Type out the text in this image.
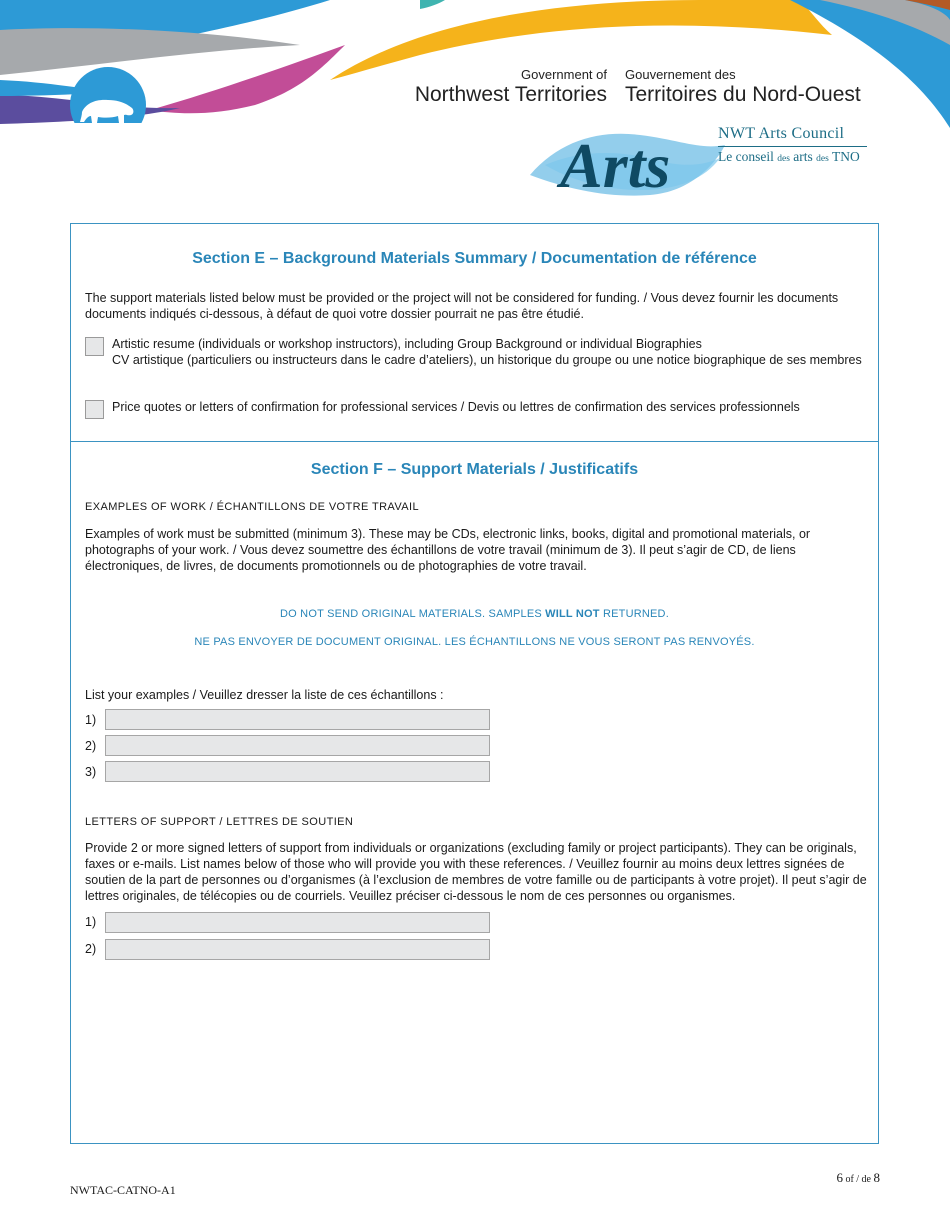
Arts
Government of
Northwest Territories
Gouvernement des
Territoires du Nord-Ouest
NWT Arts Council
Le conseil des arts des TNO
Section E – Background Materials Summary / Documentation de référence
The support materials listed below must be provided or the project will not be considered for funding. / Vous devez fournir les documents documents indiqués ci-dessous, à défaut de quoi votre dossier pourrait ne pas être étudié.
Artistic resume (individuals or workshop instructors), including Group Background or individual Biographies
CV artistique (particuliers ou instructeurs dans le cadre d’ateliers), un historique du groupe ou une notice biographique de ses membres
Price quotes or letters of confirmation for professional services / Devis ou lettres de confirmation des services professionnels
Section F – Support Materials / Justificatifs
EXAMPLES OF WORK / ÉCHANTILLONS DE VOTRE TRAVAIL
Examples of work must be submitted (minimum 3). These may be CDs, electronic links, books, digital and promotional materials, or photographs of your work. / Vous devez soumettre des échantillons de votre travail (minimum de 3). Il peut s’agir de CD, de liens électroniques, de livres, de documents promotionnels ou de photographies de votre travail.
DO NOT SEND ORIGINAL MATERIALS. SAMPLES WILL NOT RETURNED.
NE PAS ENVOYER DE DOCUMENT ORIGINAL. LES ÉCHANTILLONS NE VOUS SERONT PAS RENVOYÉS.
List your examples / Veuillez dresser la liste de ces échantillons :
1)
2)
3)
LETTERS OF SUPPORT / LETTRES DE SOUTIEN
Provide 2 or more signed letters of support from individuals or organizations (excluding family or project participants). They can be originals, faxes or e-mails. List names below of those who will provide you with these references. / Veuillez fournir au moins deux lettres signées de soutien de la part de personnes ou d’organismes (à l’exclusion de membres de votre famille ou de participants à votre projet). Il peut s’agir de lettres originales, de télécopies ou de courriels. Veuillez préciser ci-dessous le nom de ces personnes ou organismes.
1)
2)
6 of / de 8
NWTAC-CATNO-A1
